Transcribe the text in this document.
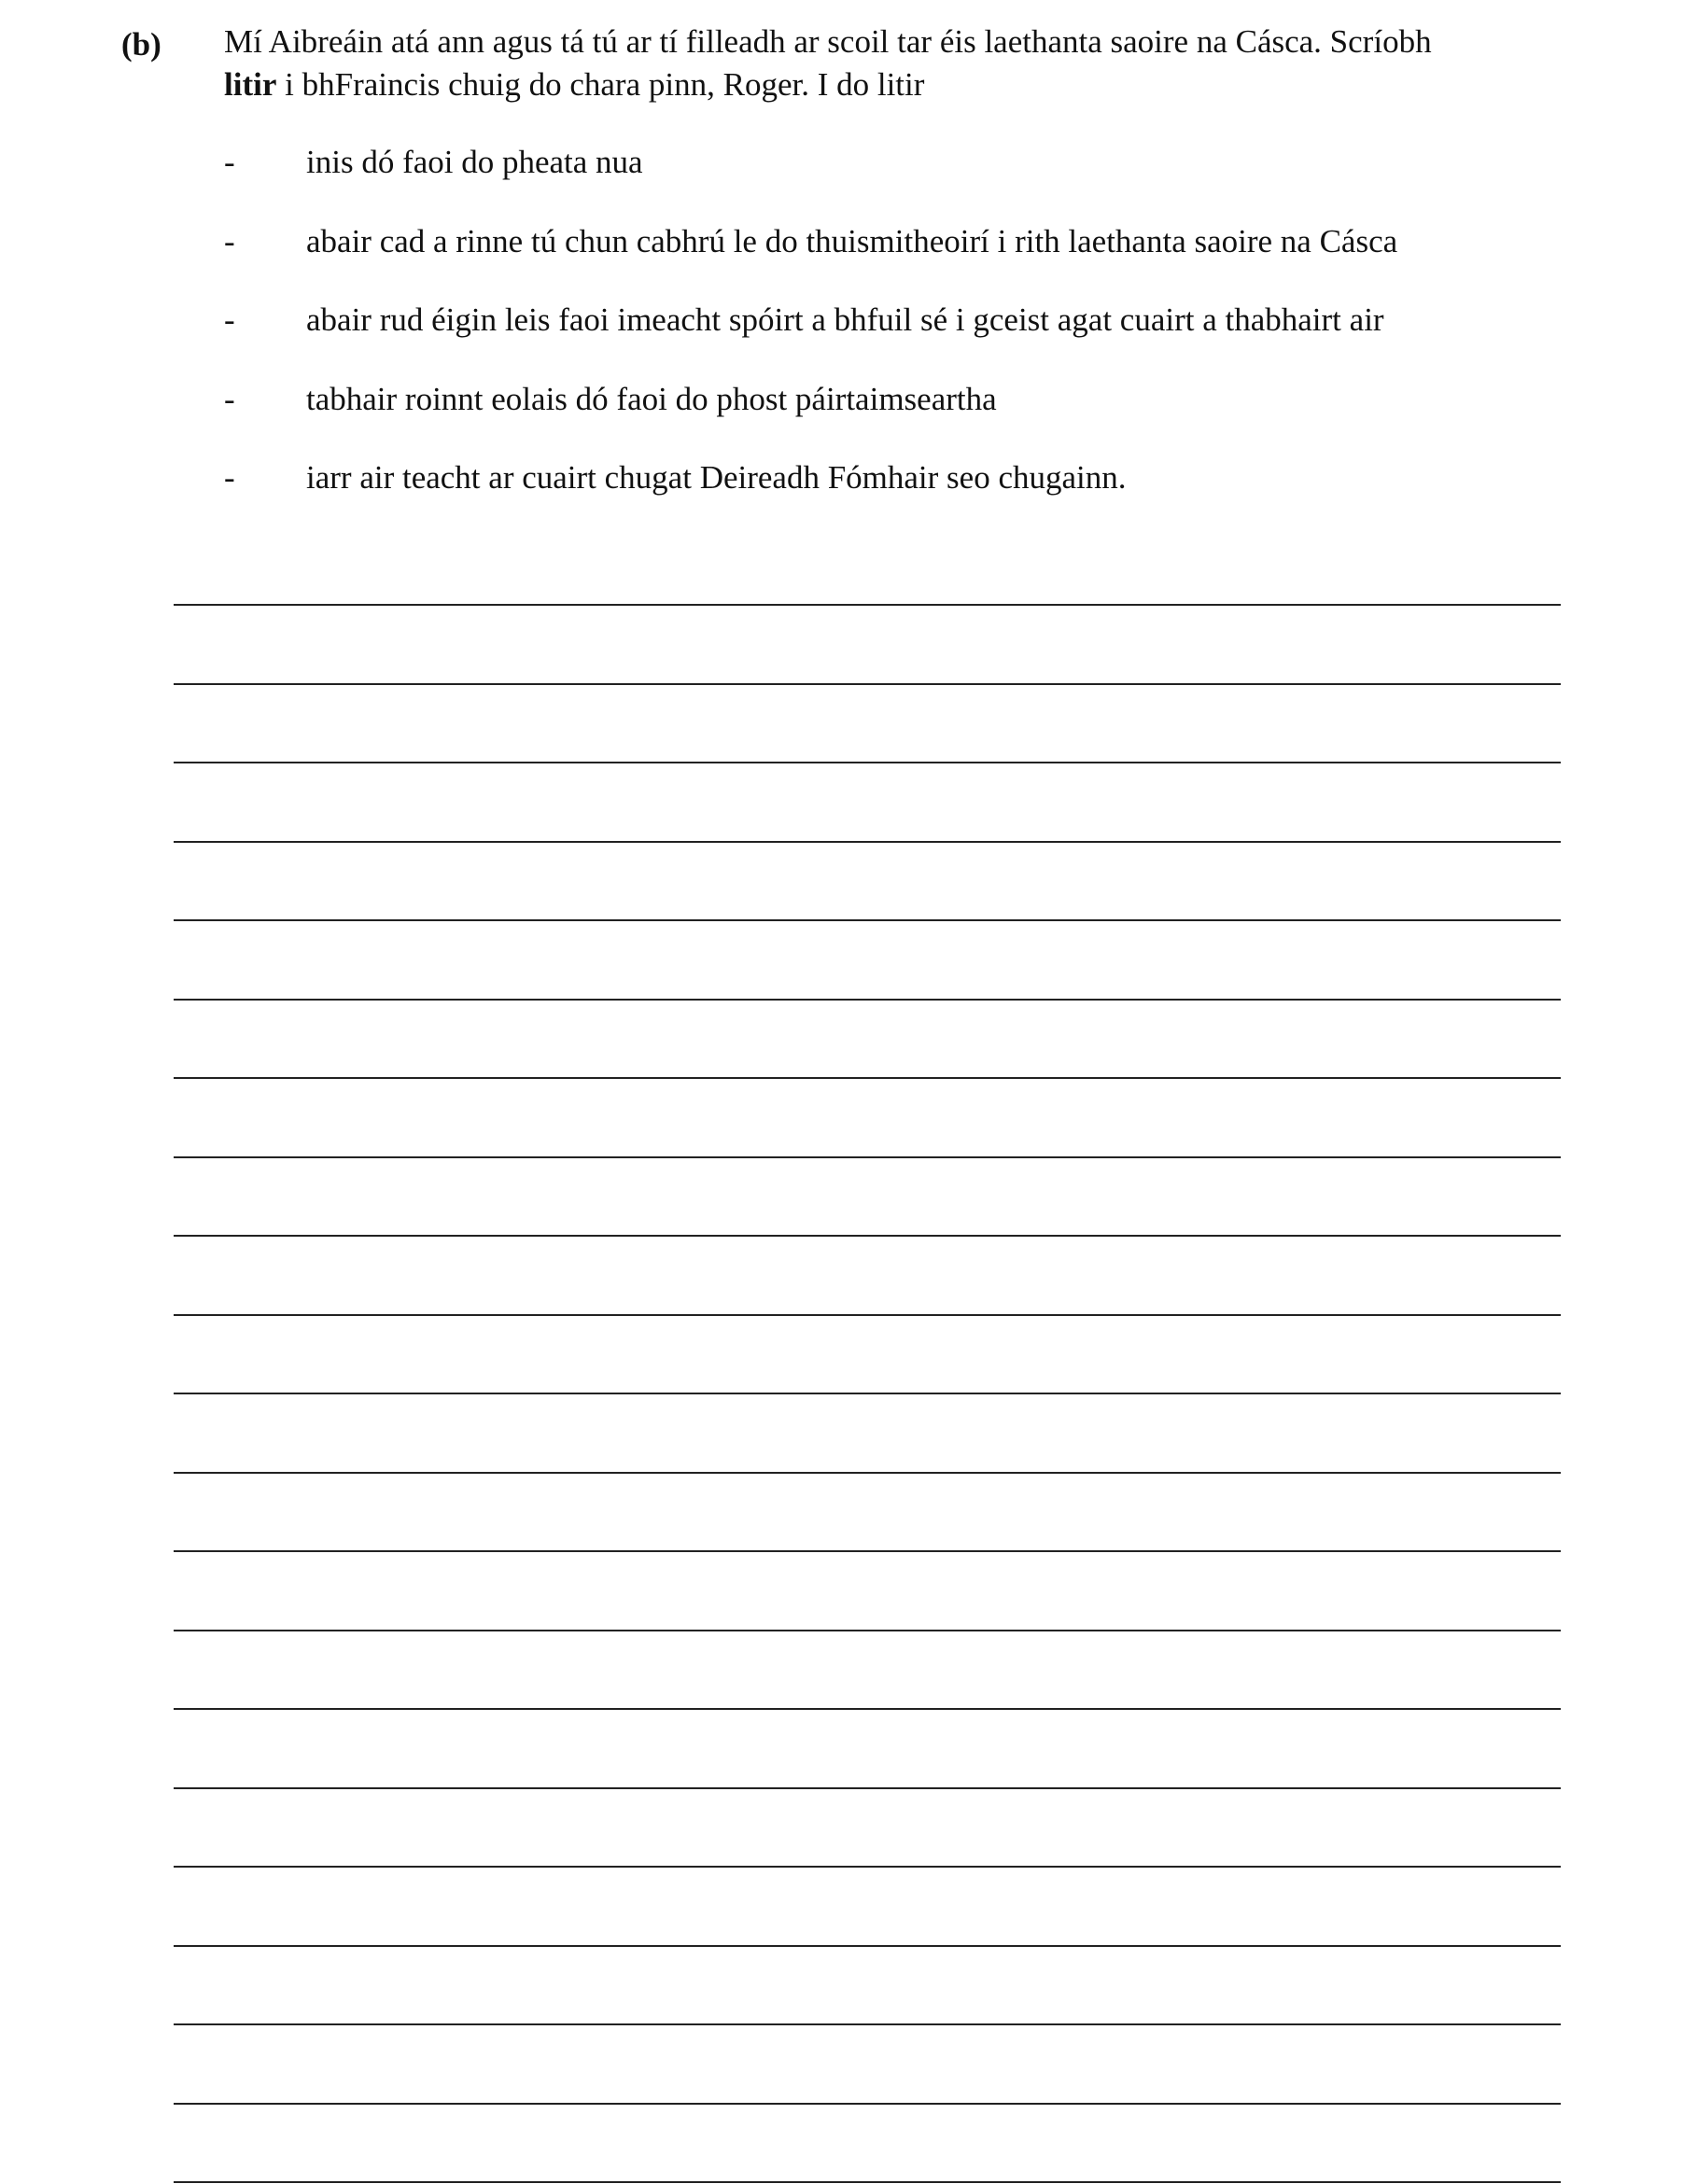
(b) Mí Aibreáin atá ann agus tá tú ar tí filleadh ar scoil tar éis laethanta saoire na Cásca. Scríobh
litir i bhFraincis chuig do chara pinn, Roger. I do litir
- inis dó faoi do pheata nua
- abair cad a rinne tú chun cabhrú le do thuismitheoirí i rith laethanta saoire na Cásca
- abair rud éigin leis faoi imeacht spóirt a bhfuil sé i gceist agat cuairt a thabhairt air
- tabhair roinnt eolais dó faoi do phost páirtaimseartha
- iarr air teacht ar cuairt chugat Deireadh Fómhair seo chugainn.
